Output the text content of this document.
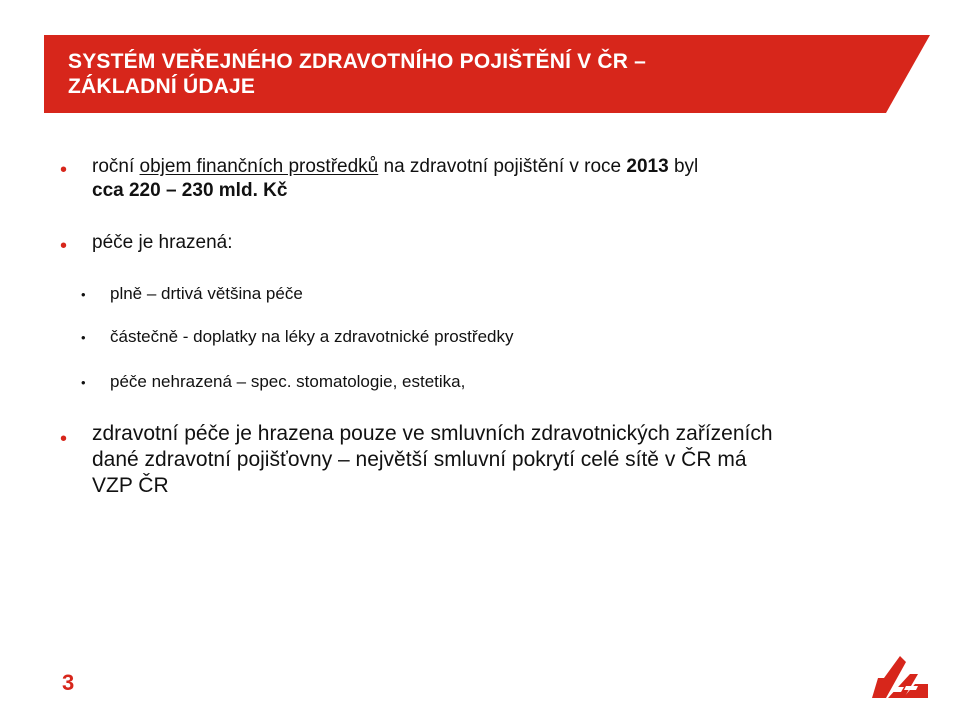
SYSTÉM VEŘEJNÉHO ZDRAVOTNÍHO POJIŠTĚNÍ V ČR –
ZÁKLADNÍ ÚDAJE
• roční objem finančních prostředků na zdravotní pojištění v roce 2013 byl
cca 220 – 230 mld. Kč
• péče je hrazená:
• plně – drtivá většina péče
• částečně - doplatky na léky a zdravotnické prostředky
• péče nehrazená – spec. stomatologie, estetika,
• zdravotní péče je hrazena pouze ve smluvních zdravotnických zařízeních
dané zdravotní pojišťovny – největší smluvní pokrytí celé sítě v ČR má
VZP ČR
3
